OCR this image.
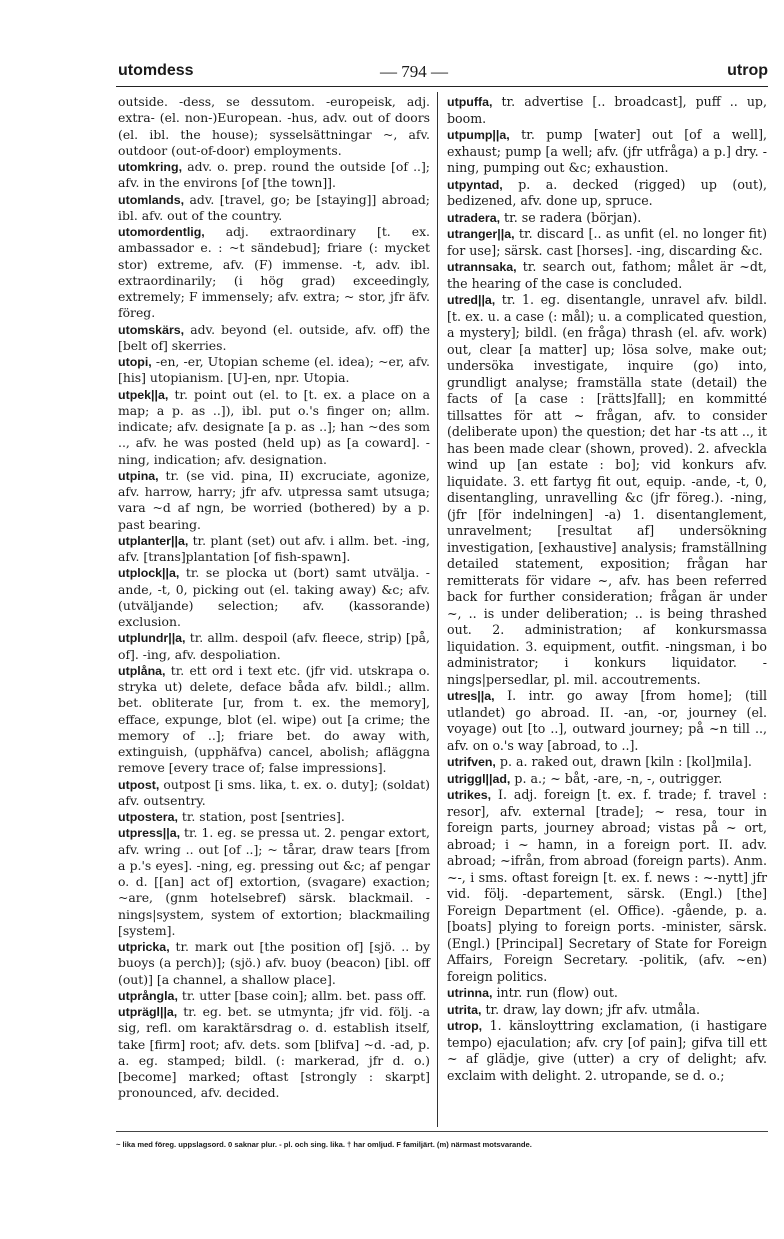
utomdess	— 794 —	utrop

outside. -dess, se dessutom. -europeisk, adj. extra- (el. non-)European. -hus, adv. out of doors (el. ibl. the house); sysselsättningar ~, afv. outdoor (out-of-door) employments.

utomkring, adv. o. prep. round the outside [of ..]; afv. in the environs [of [the town]].

utomlands, adv. [travel, go; be [staying]] abroad; ibl. afv. out of the country.

utomordentlig, adj. extraordinary [t. ex. ambassador e. : ~t sändebud]; friare (: mycket stor) extreme, afv. (F) immense. -t, adv. ibl. extraordinarily; (i hög grad) exceedingly, extremely; F immensely; afv. extra; ~ stor, jfr äfv. föreg.

utomskärs, adv. beyond (el. outside, afv. off) the [belt of] skerries.

utopi, -en, -er, Utopian scheme (el. idea); ~er, afv. [his] utopianism. [U]-en, npr. Utopia.

utpek||a, tr. point out (el. to [t. ex. a place on a map; a p. as ..]), ibl. put o.'s finger on; allm. indicate; afv. designate [a p. as ..]; han ~des som .., afv. he was posted (held up) as [a coward]. -ning, indication; afv. designation.

utpina, tr. (se vid. pina, II) excruciate, agonize, afv. harrow, harry; jfr afv. utpressa samt utsuga; vara ~d af ngn, be worried (bothered) by a p. past bearing.

utplanter||a, tr. plant (set) out afv. i allm. bet. -ing, afv. [trans]plantation [of fish-spawn].

utplock||a, tr. se plocka ut (bort) samt utvälja. -ande, -t, 0, picking out (el. taking away) &c; afv. (utväljande) selection; afv. (kassorande) exclusion.

utplundr||a, tr. allm. despoil (afv. fleece, strip) [på, of]. -ing, afv. despoliation.

utplåna, tr. ett ord i text etc. (jfr vid. utskrapa o. stryka ut) delete, deface båda afv. bildl.; allm. bet. obliterate [ur, from t. ex. the memory], efface, expunge, blot (el. wipe) out [a crime; the memory of ..]; friare bet. do away with, extinguish, (upphäfva) cancel, abolish; afläggna remove [every trace of; false impressions].

utpost, outpost [i sms. lika, t. ex. o. duty]; (soldat) afv. outsentry.

utpostera, tr. station, post [sentries].

utpress||a, tr. 1. eg. se pressa ut. 2. pengar extort, afv. wring .. out [of ..]; ~ tårar, draw tears [from a p.'s eyes]. -ning, eg. pressing out &c; af pengar o. d. [[an] act of] extortion, (svagare) exaction; ~are, (gnm hotelsebref) särsk. blackmail. -nings|system, system of extortion; blackmailing [system].

utpricka, tr. mark out [the position of] [sjö. .. by buoys (a perch)]; (sjö.) afv. buoy (beacon) [ibl. off (out)] [a channel, a shallow place].

utprångla, tr. utter [base coin]; allm. bet. pass off.

utprägl||a, tr. eg. bet. se utmynta; jfr vid. följ. -a sig, refl. om karaktärsdrag o. d. establish itself, take [firm] root; afv. dets. som [blifva] ~d. -ad, p. a. eg. stamped; bildl. (: markerad, jfr d. o.) [become] marked; oftast [strongly : skarpt] pronounced, afv. decided.

utpuffa, tr. advertise [.. broadcast], puff .. up, boom.

utpump||a, tr. pump [water] out [of a well], exhaust; pump [a well; afv. (jfr utfråga) a p.] dry. -ning, pumping out &c; exhaustion.

utpyntad, p. a. decked (rigged) up (out), bedizened, afv. done up, spruce.

utradera, tr. se radera (början).

utranger||a, tr. discard [.. as unfit (el. no longer fit) for use]; särsk. cast [horses]. -ing, discarding &c.

utrannsaka, tr. search out, fathom; målet är ~dt, the hearing of the case is concluded.

utred||a, tr. 1. eg. disentangle, unravel afv. bildl. [t. ex. u. a case (: mål); u. a complicated question, a mystery]; bildl. (en fråga) thrash (el. afv. work) out, clear [a matter] up; lösa solve, make out; undersöka investigate, inquire (go) into, grundligt analyse; framställa state (detail) the facts of [a case : [rätts]fall]; en kommitté tillsattes för att ~ frågan, afv. to consider (deliberate upon) the question; det har -ts att .., it has been made clear (shown, proved). 2. afveckla wind up [an estate : bo]; vid konkurs afv. liquidate. 3. ett fartyg fit out, equip. -ande, -t, 0, disentangling, unravelling &c (jfr föreg.). -ning, (jfr [för indelningen] -a) 1. disentanglement, unravelment; [resultat af] undersökning investigation, [exhaustive] analysis; framställning detailed statement, exposition; frågan har remitterats för vidare ~, afv. has been referred back for further consideration; frågan är under ~, .. is under deliberation; .. is being thrashed out. 2. administration; af konkursmassa liquidation. 3. equipment, outfit. -ningsman, i bo administrator; i konkurs liquidator. -nings|persedlar, pl. mil. accoutrements.

utres||a, I. intr. go away [from home]; (till utlandet) go abroad. II. -an, -or, journey (el. voyage) out [to ..], outward journey; på ~n till .., afv. on o.'s way [abroad, to ..].

utrifven, p. a. raked out, drawn [kiln : [kol]mila].

utriggl||ad, p. a.; ~ båt, -are, -n, -, outrigger.

utrikes, I. adj. foreign [t. ex. f. trade; f. travel : resor], afv. external [trade]; ~ resa, tour in foreign parts, journey abroad; vistas på ~ ort, abroad; i ~ hamn, in a foreign port. II. adv. abroad; ~ifrån, from abroad (foreign parts). Anm. ~-, i sms. oftast foreign [t. ex. f. news : ~-nytt] jfr vid. följ. -departement, särsk. (Engl.) [the] Foreign Department (el. Office). -gående, p. a. [boats] plying to foreign ports. -minister, särsk. (Engl.) [Principal] Secretary of State for Foreign Affairs, Foreign Secretary. -politik, (afv. ~en) foreign politics.

utrinna, intr. run (flow) out.

utrita, tr. draw, lay down; jfr afv. utmåla.

utrop, 1. känsloyttring exclamation, (i hastigare tempo) ejaculation; afv. cry [of pain]; gifva till ett ~ af glädje, give (utter) a cry of delight; afv. exclaim with delight. 2. utropande, se d. o.;

~ lika med föreg. uppslagsord. 0 saknar plur. - pl. och sing. lika. † har omljud. F familjärt. (m) närmast motsvarande.
